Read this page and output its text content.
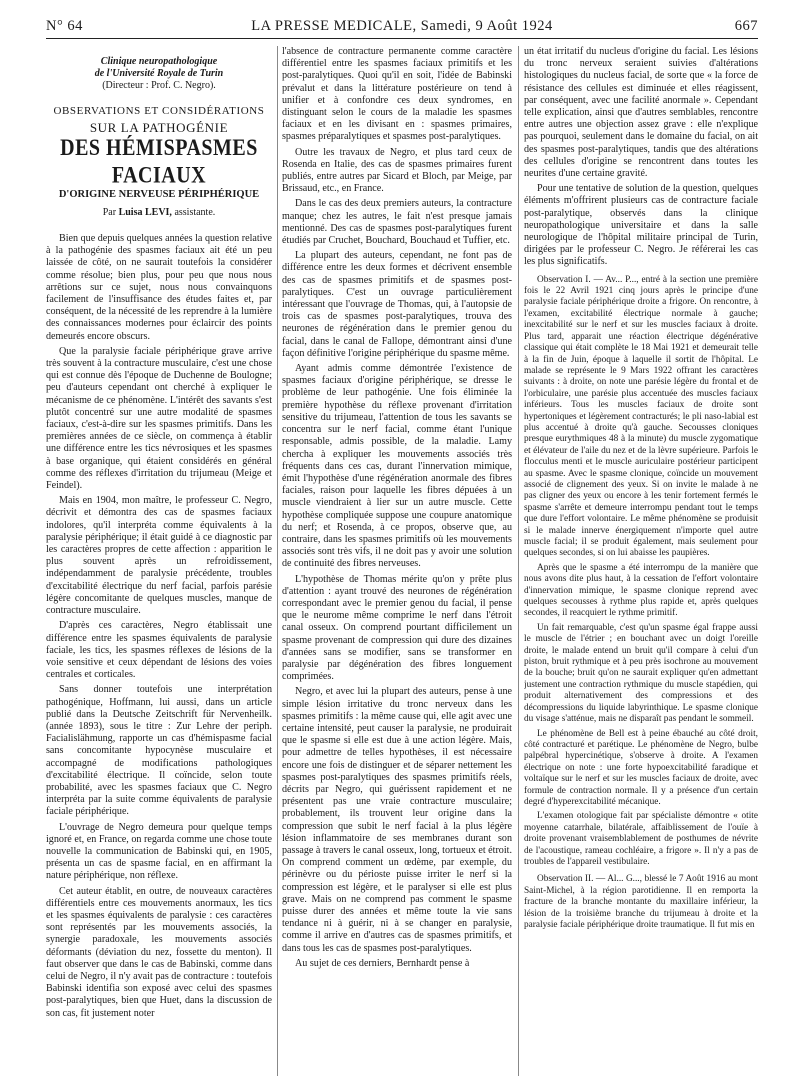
N° 64	LA PRESSE MEDICALE, Samedi, 9 Août 1924	667
Clinique neuropathologique
de l'Université Royale de Turin
(Directeur : Prof. C. Negro).
OBSERVATIONS ET CONSIDÉRATIONS
SUR LA PATHOGÉNIE
DES HÉMISPASMES FACIAUX
D'ORIGINE NERVEUSE PÉRIPHÉRIQUE
Par Luisa LEVI, assistante.

Bien que depuis quelques années la question relative à la pathogénie des spasmes faciaux ait été un peu laissée de côté, on ne saurait toutefois la considérer comme résolue; bien plus, pour peu que nous nous arrêtions sur ce sujet, nous nous convainquons facilement de l'insuffisance des études faites et, par conséquent, de la nécessité de les reprendre à la lumière des connaissances modernes pour éclaircir des points demeurés encore obscurs.

Que la paralysie faciale périphérique grave arrive très souvent à la contracture musculaire, c'est une chose qui est connue dès l'époque de Duchenne de Boulogne; peu d'auteurs cependant ont cherché à expliquer le mécanisme de ce phénomène. L'intérêt des savants s'est plutôt concentré sur une autre modalité de spasmes faciaux, c'est-à-dire sur les spasmes primitifs. Dans les premières années de ce siècle, on commença à établir une différence entre les tics névrosiques et les spasmes à base organique, qui étaient considérés en général comme des réflexes d'irritation du trijumeau (Meige et Feindel).

Mais en 1904, mon maître, le professeur C. Negro, décrivit et démontra des cas de spasmes faciaux indolores, qu'il interpréta comme équivalents à la paralysie périphérique; il était guidé à ce diagnostic par les caractères propres de cette affection : apparition le plus souvent après un refroidissement, indépendamment de paralysie précédente, troubles d'excitabilité électrique du nerf facial, parfois parésie légère concomitante de quelques muscles, manque de contracture musculaire.

D'après ces caractères, Negro établissait une différence entre les spasmes équivalents de paralysie faciale, les tics, les spasmes réflexes de lésions de la voie sensitive et ceux dépendant de lésions des voies centrales et corticales.

Sans donner toutefois une interprétation pathogénique, Hoffmann, lui aussi, dans un article publié dans la Deutsche Zeitschrift für Nervenheilk. (année 1893), sous le titre : Zur Lehre der periph. Facialislähmung, rapporte un cas d'hémispasme facial sans concomitante hypocynèse musculaire et accompagné de modifications pathologiques d'excitabilité électrique. Il coïncide, selon toute probabilité, avec les spasmes faciaux que C. Negro interpréta par la suite comme équivalents de paralysie faciale périphérique.

L'ouvrage de Negro demeura pour quelque temps ignoré et, en France, on regarda comme une chose toute nouvelle la communication de Babinski qui, en 1905, présenta un cas de spasme facial, en en affirmant la nature périphérique, non réflexe.

Cet auteur établit, en outre, de nouveaux caractères différentiels entre ces mouvements anormaux, les tics et les spasmes équivalents de paralysie : ces caractères sont représentés par les mouvements associés, la synergie paradoxale, les mouvements associés déformants (déviation du nez, fossette du menton). Il faut observer que dans le cas de Babinski, comme dans celui de Negro, il n'y avait pas de contracture : toutefois Babinski identifia son exposé avec celui des spasmes post-paralytiques, bien que Huet, dans la discussion de son cas, fit justement noter

l'absence de contracture permanente comme caractère différentiel entre les spasmes faciaux primitifs et les post-paralytiques. Quoi qu'il en soit, l'idée de Babinski prévalut et dans la littérature postérieure on tend à unifier et à confondre ces deux syndromes, en distinguant selon le cours de la maladie les spasmes faciaux et en les divisant en : spasmes primaires, spasmes préparalytiques et spasmes post-paralytiques.

Outre les travaux de Negro, et plus tard ceux de Rosenda en Italie, des cas de spasmes primaires furent publiés, entre autres par Sicard et Bloch, par Meige, par Brissaud, etc., en France.

Dans le cas des deux premiers auteurs, la contracture manque; chez les autres, le fait n'est presque jamais mentionné. Des cas de spasmes post-paralytiques furent étudiés par Cruchet, Bouchard, Bouchaud et Tuffier, etc.

La plupart des auteurs, cependant, ne font pas de différence entre les deux formes et décrivent ensemble des cas de spasmes primitifs et de spasmes post-paralytiques. C'est un ouvrage particulièrement intéressant que l'ouvrage de Thomas, qui, à l'autopsie de trois cas de spasmes post-paralytiques, trouva des neurones de régénération dans le premier genou du facial, dans le canal de Fallope, démontrant ainsi d'une façon définitive l'origine périphérique du spasme même.

Ayant admis comme démontrée l'existence de spasmes faciaux d'origine périphérique, se dresse le problème de leur pathogénie. Une fois éliminée la première hypothèse du réflexe provenant d'irritation sensitive du trijumeau, l'attention de tous les savants se concentra sur le nerf facial, comme étant l'unique responsable, admis possible, de la maladie. Lamy chercha à expliquer les mouvements associés très fréquents dans ces cas, durant l'innervation mimique, émit l'hypothèse d'une régénération anormale des fibres faciales, raison pour laquelle les fibres dépuées à un muscle viendraient à lier sur un autre muscle. Cette hypothèse compliquée suppose une coupure anatomique du nerf; et Rosenda, à ce propos, observe que, au contraire, dans les spasmes primitifs où les mouvements associés sont très vifs, il ne doit pas y avoir une solution de continuité des fibres nerveuses.

L'hypothèse de Thomas mérite qu'on y prête plus d'attention : ayant trouvé des neurones de régénération correspondant avec le premier genou du facial, il pense que le neurome même comprime le nerf dans l'étroit canal osseux. On comprend pourtant difficilement un spasme provenant de compression qui dure des dizaines d'années sans se modifier, sans se transformer en paralysie par dégénération des fibres longuement comprimées.

Negro, et avec lui la plupart des auteurs, pense à une simple lésion irritative du tronc nerveux dans les spasmes primitifs : la même cause qui, elle agit avec une certaine intensité, peut causer la paralysie, ne produirait que le spasme si elle est due à une action légère. Mais, pour admettre de telles hypothèses, il est nécessaire encore une fois de distinguer et de séparer nettement les spasmes post-paralytiques des spasmes primitifs réels, décrits par Negro, qui guérissent rapidement et ne présentent pas une vraie contracture musculaire; probablement, ils trouvent leur origine dans la compression que subit le nerf facial à la plus légère lésion inflammatoire de ses membranes durant son passage à travers le canal osseux, long, tortueux et étroit. On comprend comment un œdème, par exemple, du périnèvre ou du périoste puisse irriter le nerf si la compression est légère, et le paralyser si elle est plus grave. Mais on ne comprend pas comment le spasme puisse durer des années et même toute la vie sans tendance ni à guérir, ni à se changer en paralysie, comme il arrive en d'autres cas de spasmes primitifs, et dans tous les cas de spasmes post-paralytiques.

Au sujet de ces derniers, Bernhardt pense à

un état irritatif du nucleus d'origine du facial. Les lésions du tronc nerveux seraient suivies d'altérations histologiques du nucleus facial, de sorte que « la force de résistance des cellules est diminuée et elles réagissent, par conséquent, avec une facilité anormale ». Cependant telle explication, ainsi que d'autres semblables, rencontre entre autres une objection assez grave : elle n'explique pas pourquoi, seulement dans le domaine du facial, on ait des spasmes post-paralytiques, tandis que des altérations des cellules d'origine se rencontrent dans toutes les neurites d'une certaine gravité.

Pour une tentative de solution de la question, quelques éléments m'offrirent plusieurs cas de contracture faciale post-paralytique, observés dans la clinique neuropathologique universitaire et dans la salle neurologique de l'hôpital militaire principal de Turin, dirigées par le professeur C. Negro. Je référerai les cas les plus significatifs.

Observation I. — Av... P..., entré à la section une première fois le 22 Avril 1921 cinq jours après le principe d'une paralysie faciale périphérique droite a frigore. On rencontre, à l'examen, excitabilité électrique normale à gauche; inexcitabilité sur le nerf et sur les muscles faciaux à droite. Plus tard, apparait une réaction électrique dégénérative classique qui était complète le 18 Mai 1921 et demeurait telle à la fin de Juin, époque à laquelle il sortit de l'hôpital. Le malade se représente le 9 Mars 1922 offrant les caractères suivants : à droite, on note une parésie légère du frontal et de l'orbiculaire, une parésie plus accentuée des muscles faciaux inférieurs. Tous les muscles faciaux de droite sont hypertoniques et légèrement contracturés; le pli naso-labial est plus accentué à droite qu'à gauche. Secousses cloniques presque eurythmiques 48 à la minute) du muscle zygomatique et élévateur de l'aile du nez et de la lèvre supérieure. Parfois le flocculus menti et le muscle auriculaire postérieur participent au spasme. Avec le spasme clonique, coïncide un mouvement associé de clignement des yeux. Si on invite le malade à ne pas cligner des yeux ou encore à les tenir fortement fermés le spasme s'arrête et demeure interrompu pendant tout le temps que dure l'effort volontaire. Le même phénomène se produisit si le malade innerve énergiquement n'importe quel autre muscle facial; il se produit également, mais seulement pour quelques secondes, si on lui abaisse les paupières.

Après que le spasme a été interrompu de la manière que nous avons dite plus haut, à la cessation de l'effort volontaire d'innervation mimique, le spasme clonique reprend avec quelques secousses à rythme plus rapide et, après quelques secondes, il reacquiert le rythme primitif.

Un fait remarquable, c'est qu'un spasme égal frappe aussi le muscle de l'étrier ; en bouchant avec un doigt l'oreille droite, le malade entend un bruit qu'il compare à celui d'un piston, bruit rythmique et à peu près isochrone au mouvement de la bouche; bruit qu'on ne saurait expliquer qu'en admettant justement une contraction rythmique du muscle stapédien, qui produit alternativement des compressions et des décompressions du liquide labyrinthique. Le spasme clonique du visage s'atténue, mais ne disparaît pas pendant le sommeil.

Le phénomène de Bell est à peine ébauché au côté droit, côté contracturé et parétique. Le phénomène de Negro, bulbe palpébral hypercinétique, s'observe à droite. A l'examen électrique on note : une forte hypoexcitabilité faradique et voltaïque sur le nerf et sur les muscles faciaux de droite, avec formule de contraction normale. Il y a présence d'un certain degré d'hyperexcitabilité mécanique.

L'examen otologique fait par spécialiste démontre « otite moyenne catarrhale, bilatérale, affaiblissement de l'ouïe à droite provenant vraisemblablement de posthumes de névrite de l'acoustique, rameau cochléaire, a frigore ». Il n'y a pas de troubles de l'appareil vestibulaire.

Observation II. — Al... G..., blessé le 7 Août 1916 au mont Saint-Michel, à la région parotidienne. Il en remporta la fracture de la branche montante du maxillaire inférieur, la lésion de la troisième branche du trijumeau à droite et la paralysie faciale périphérique droite traumatique. Il fut mis en
